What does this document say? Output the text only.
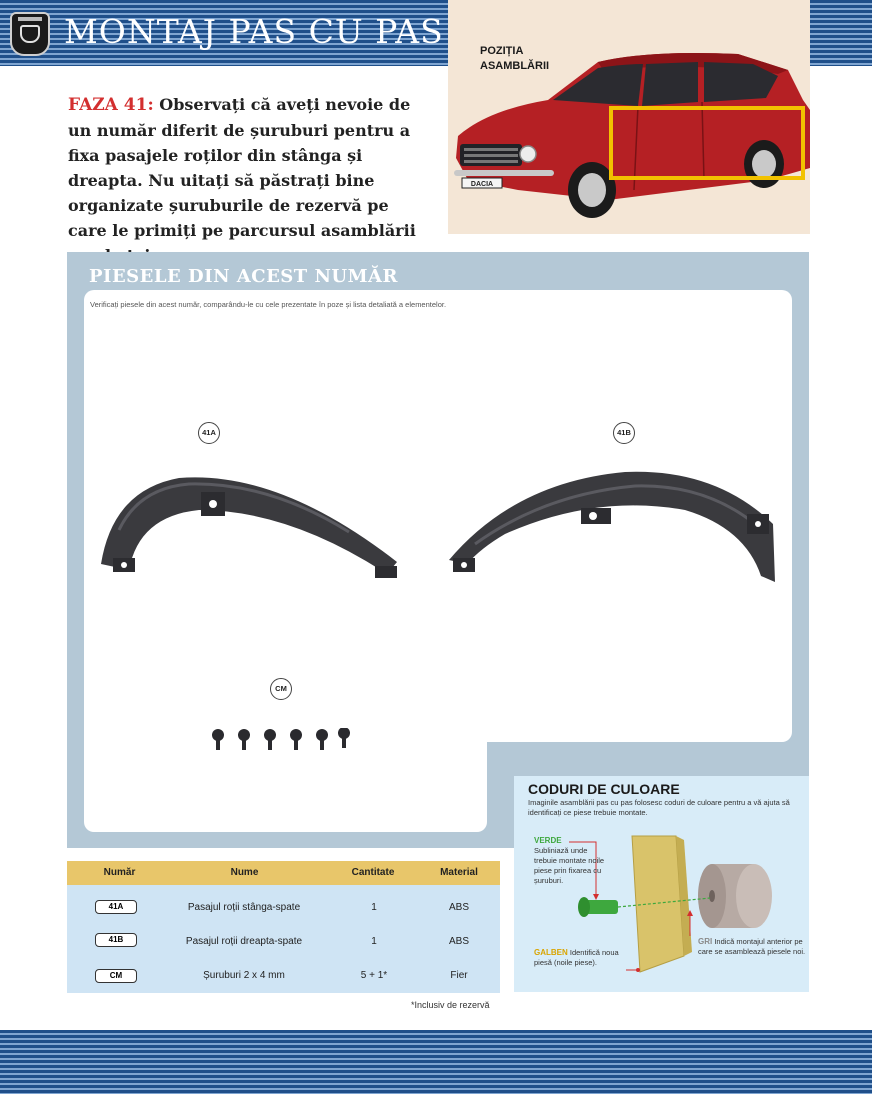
MONTAJ PAS CU PAS
FAZA 41: Observați că aveți nevoie de un număr diferit de șuruburi pentru a fixa pasajele roților din stânga și dreapta. Nu uitați să păstrați bine organizate șuruburile de rezervă pe care le primiți pe parcursul asamblării
POZIȚIA
ASAMBLĂRII
DACIA
PIESELE DIN ACEST NUMĂR
Verificați piesele din acest număr, comparându-le cu cele prezentate în poze și lista detaliată a elementelor.
41A	41B
CM
Număr	Nume	Cantitate	Material
41A	Pasajul roții stânga-spate	1	ABS
41B	Pasajul roții dreapta-spate	1	ABS
CM	Șuruburi 2 x 4 mm	5 + 1*	Fier
*Inclusiv de rezervă
CODURI DE CULOARE
Imaginile asamblării pas cu pas folosesc coduri de culoare pentru a vă ajuta să identificați ce piese trebuie montate.
VERDE
Subliniază unde trebuie montate noile piese prin fixarea cu șuruburi.
GALBEN Identifică noua piesă (noile piese).
GRI Indică montajul anterior pe care se asamblează piesele noi.
